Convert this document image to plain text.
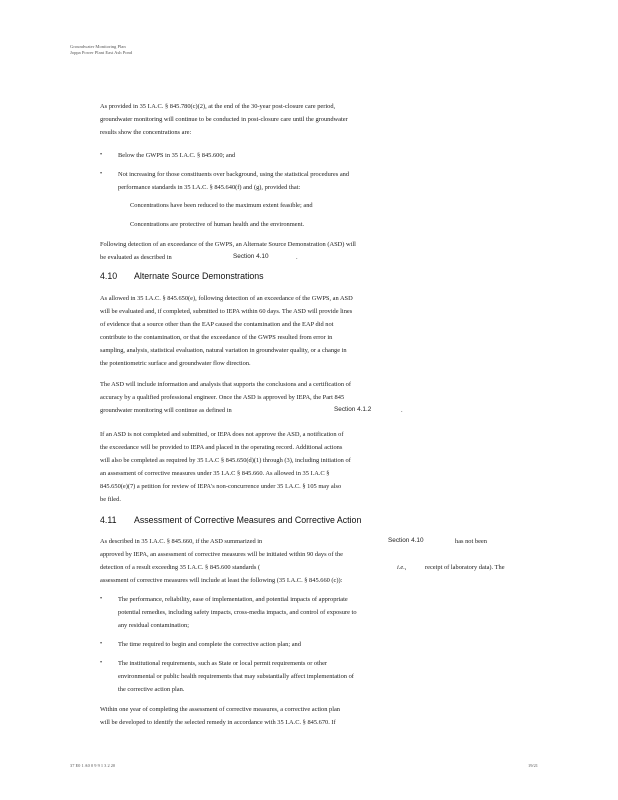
Groundwater Monitoring Plan
Joppa Power Plant East Ash Pond
As provided in 35 I.A.C. § 845.780(c)(2), at the end of the 30-year post-closure care period,
groundwater monitoring will continue to be conducted in post-closure care until the groundwater
results show the concentrations are:
• Below the GWPS in 35 I.A.C. § 845.600; and
• Not increasing for those constituents over background, using the statistical procedures and
performance standards in 35 I.A.C. § 845.640(f) and (g), provided that:
Concentrations have been reduced to the maximum extent feasible; and
Concentrations are protective of human health and the environment.
Following detection of an exceedance of the GWPS, an Alternate Source Demonstration (ASD) will
be evaluated as described in	Section 4.10	.
4.10 Alternate Source Demonstrations
As allowed in 35 I.A.C. § 845.650(e), following detection of an exceedance of the GWPS, an ASD
will be evaluated and, if completed, submitted to IEPA within 60 days. The ASD will provide lines
of evidence that a source other than the EAP caused the contamination and the EAP did not
contribute to the contamination, or that the exceedance of the GWPS resulted from error in
sampling, analysis, statistical evaluation, natural variation in groundwater quality, or a change in
the potentiometric surface and groundwater flow direction.
The ASD will include information and analysis that supports the conclusions and a certification of
accuracy by a qualified professional engineer. Once the ASD is approved by IEPA, the Part 845
groundwater monitoring will continue as defined in	Section 4.1.2	.
If an ASD is not completed and submitted, or IEPA does not approve the ASD, a notification of
the exceedance will be provided to IEPA and placed in the operating record. Additional actions
will also be completed as required by 35 I.A.C § 845.650(d)(1) through (3), including initiation of
an assessment of corrective measures under 35 I.A.C § 845.660. As allowed in 35 I.A.C §
845.650(e)(7) a petition for review of IEPA's non-concurrence under 35 I.A.C. § 105 may also
be filed.
4.11 Assessment of Corrective Measures and Corrective Action
As described in 35 I.A.C. § 845.660, if the ASD summarized in	Section 4.10	has not been
approved by IEPA, an assessment of corrective measures will be initiated within 90 days of the
detection of a result exceeding 35 I.A.C. § 845.600 standards (	i.e.,	receipt of laboratory data). The
assessment of corrective measures will include at least the following (35 I.A.C. § 845.660 (c)):
• The performance, reliability, ease of implementation, and potential impacts of appropriate
potential remedies, including safety impacts, cross-media impacts, and control of exposure to
any residual contamination;
• The time required to begin and complete the corrective action plan; and
• The institutional requirements, such as State or local permit requirements or other
environmental or public health requirements that may substantially affect implementation of
the corrective action plan.
Within one year of completing the assessment of corrective measures, a corrective action plan
will be developed to identify the selected remedy in accordance with 35 I.A.C. § 845.670. If
37 E0 1 A0 0 9 9 1 3 2 20	19/21
